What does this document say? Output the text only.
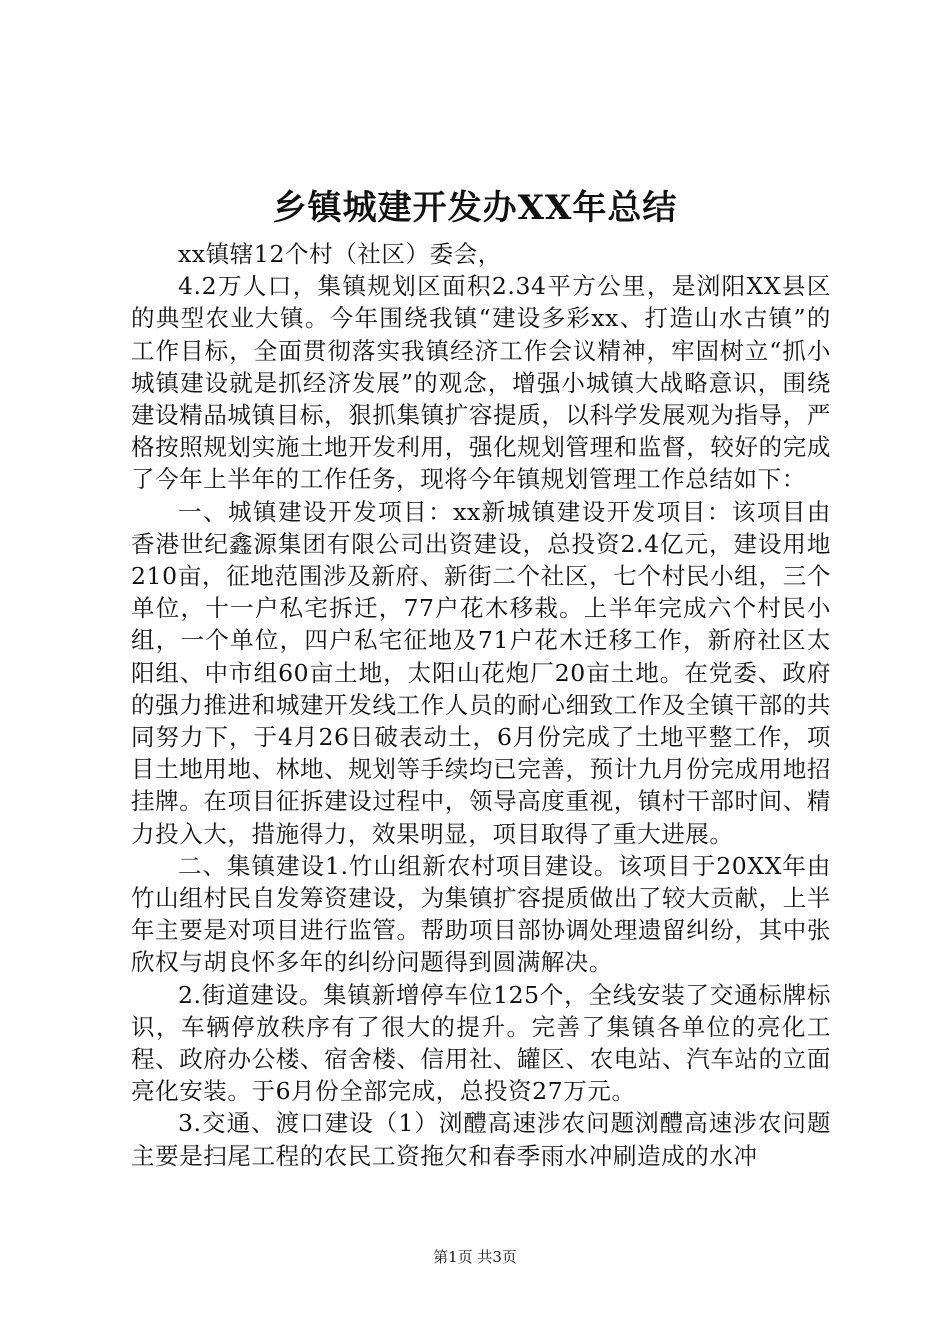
乡镇城建开发办XX年总结

xx镇辖12个村（社区）委会，

4.2万人口，集镇规划区面积2.34平方公里，是浏阳XX县区的典型农业大镇。今年围绕我镇“建设多彩xx、打造山水古镇”的工作目标，全面贯彻落实我镇经济工作会议精神，牢固树立“抓小城镇建设就是抓经济发展”的观念，增强小城镇大战略意识，围绕建设精品城镇目标，狠抓集镇扩容提质，以科学发展观为指导，严格按照规划实施土地开发利用，强化规划管理和监督，较好的完成了今年上半年的工作任务，现将今年镇规划管理工作总结如下：

一、城镇建设开发项目：xx新城镇建设开发项目：该项目由香港世纪鑫源集团有限公司出资建设，总投资2.4亿元，建设用地210亩，征地范围涉及新府、新街二个社区，七个村民小组，三个单位，十一户私宅拆迁，77户花木移栽。上半年完成六个村民小组，一个单位，四户私宅征地及71户花木迁移工作，新府社区太阳组、中市组60亩土地，太阳山花炮厂20亩土地。在党委、政府的强力推进和城建开发线工作人员的耐心细致工作及全镇干部的共同努力下，于4月26日破表动土，6月份完成了土地平整工作，项目土地用地、林地、规划等手续均已完善，预计九月份完成用地招挂牌。在项目征拆建设过程中，领导高度重视，镇村干部时间、精力投入大，措施得力，效果明显，项目取得了重大进展。

二、集镇建设1.竹山组新农村项目建设。该项目于20XX年由竹山组村民自发筹资建设，为集镇扩容提质做出了较大贡献，上半年主要是对项目进行监管。帮助项目部协调处理遗留纠纷，其中张欣权与胡良怀多年的纠纷问题得到圆满解决。

2.街道建设。集镇新增停车位125个，全线安装了交通标牌标识，车辆停放秩序有了很大的提升。完善了集镇各单位的亮化工程、政府办公楼、宿舍楼、信用社、罐区、农电站、汽车站的立面亮化安装。于6月份全部完成，总投资27万元。

3.交通、渡口建设（1）浏醴高速涉农问题浏醴高速涉农问题主要是扫尾工程的农民工资拖欠和春季雨水冲刷造成的水冲

第1页 共3页
